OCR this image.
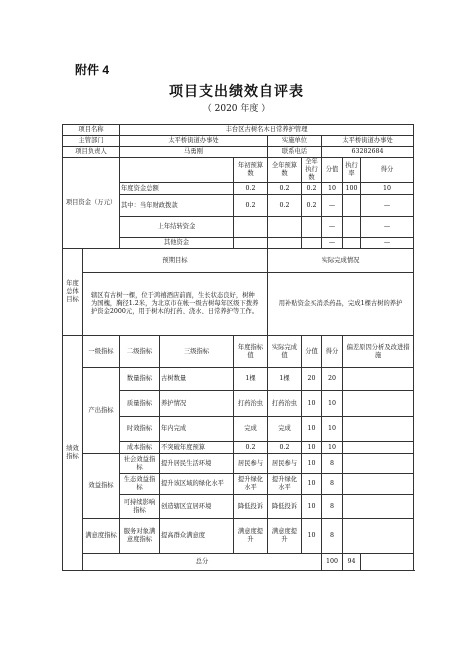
附件 4
项目支出绩效自评表
（ 2020 年度 ）
项目名称		丰台区古树名木日常养护管理							
主管部门		太平桥街道办事处			实施单位		太平桥街道办事处		
项目负责人		马勇刚			联系电话		63282684		
项目资金（万元）				年初预算数	全年预算数	全年执行数	分值	执行率	得分
		年度资金总额		0.2	0.2	0.2	10	100	10
		其中：当年财政拨款		0.2	0.2	0.2	—		—
		上年结转资金					—		—
		其他资金					—		—
年度总体目标	预期目标				实际完成情况				
	辖区有古树一棵，位于鸿禧酒店前面，生长状态良好，树种为国槐，胸径1.2米，为北京市在帐一级古树每年区级下拨养护资金2000元，用于树木的打药、浇水、日常养护等工作。				用补贴资金买消杀药品，完成1棵古树的养护				
绩效指标	一级指标	二级指标	三级指标	年度指标值	实际完成值	分值	得分	偏差原因分析及改进措施	
	产出指标	数量指标	古树数量	1棵	1棵	20	20		
		质量指标	养护情况	打药治虫	打药治虫	10	10		
		时效指标	年内完成	完成	完成	10	10		
		成本指标	不突破年度预算	0.2	0.2	10	10		
	效益指标	社会效益指标	提升居民生活环境	居民参与	居民参与	10	8		
		生态效益指标	提升该区域的绿化水平	提升绿化水平	提升绿化水平	10	8		
		可持续影响指标	创造辖区宜居环境	降低投诉	降低投诉	10	8		
	满意度指标	服务对象满意度指标	提高群众满意度	满意度提升	满意度提升	10	8		
	总分						100	94	
